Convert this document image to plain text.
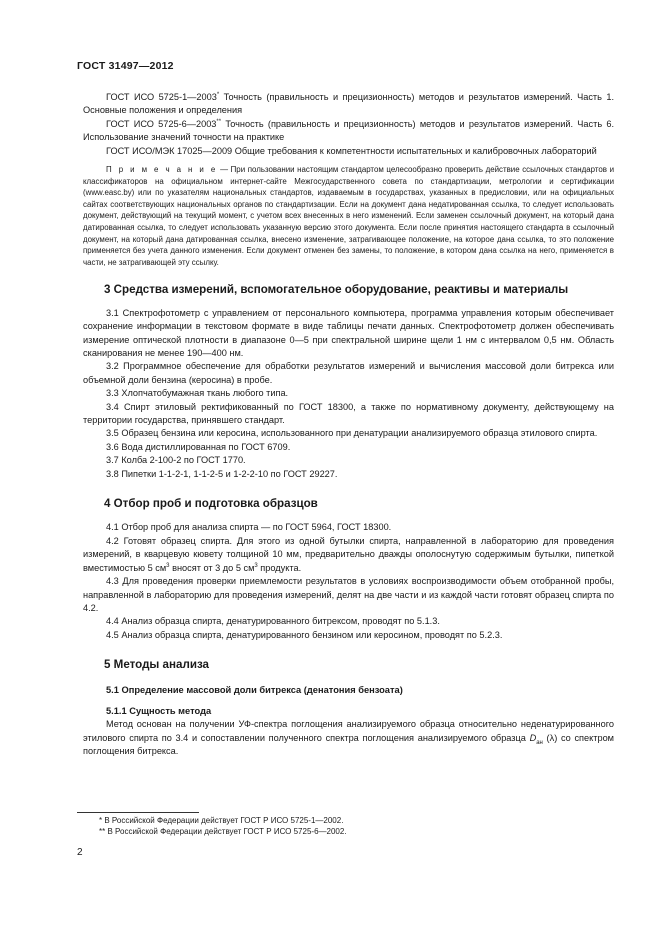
ГОСТ 31497—2012

ГОСТ ИСО 5725-1—2003* Точность (правильность и прецизионность) методов и результатов измерений. Часть 1. Основные положения и определения

ГОСТ ИСО 5725-6—2003** Точность (правильность и прецизионность) методов и результатов измерений. Часть 6. Использование значений точности на практике

ГОСТ ИСО/МЭК 17025—2009 Общие требования к компетентности испытательных и калибровочных лабораторий

П р и м е ч а н и е — При пользовании настоящим стандартом целесообразно проверить действие ссылочных стандартов и классификаторов на официальном интернет-сайте Межгосударственного совета по стандартизации, метрологии и сертификации (www.easc.by) или по указателям национальных стандартов, издаваемым в государствах, указанных в предисловии, или на официальных сайтах соответствующих национальных органов по стандартизации. Если на документ дана недатированная ссылка, то следует использовать документ, действующий на текущий момент, с учетом всех внесенных в него изменений. Если заменен ссылочный документ, на который дана датированная ссылка, то следует использовать указанную версию этого документа. Если после принятия настоящего стандарта в ссылочный документ, на который дана датированная ссылка, внесено изменение, затрагивающее положение, на которое дана ссылка, то это положение применяется без учета данного изменения. Если документ отменен без замены, то положение, в котором дана ссылка на него, применяется в части, не затрагивающей эту ссылку.

3 Средства измерений, вспомогательное оборудование, реактивы и материалы

3.1 Спектрофотометр с управлением от персонального компьютера, программа управления которым обеспечивает сохранение информации в текстовом формате в виде таблицы печати данных. Спектрофотометр должен обеспечивать измерение оптической плотности в диапазоне 0—5 при спектральной ширине щели 1 нм с интервалом 0,5 нм. Область сканирования не менее 190—400 нм.

3.2 Программное обеспечение для обработки результатов измерений и вычисления массовой доли битрекса или объемной доли бензина (керосина) в пробе.

3.3 Хлопчатобумажная ткань любого типа.

3.4 Спирт этиловый ректификованный по ГОСТ 18300, а также по нормативному документу, действующему на территории государства, принявшего стандарт.

3.5 Образец бензина или керосина, использованного при денатурации анализируемого образца этилового спирта.

3.6 Вода дистиллированная по ГОСТ 6709.

3.7 Колба 2-100-2 по ГОСТ 1770.

3.8 Пипетки 1-1-2-1, 1-1-2-5 и 1-2-2-10 по ГОСТ 29227.

4 Отбор проб и подготовка образцов

4.1 Отбор проб для анализа спирта — по ГОСТ 5964, ГОСТ 18300.

4.2 Готовят образец спирта. Для этого из одной бутылки спирта, направленной в лабораторию для проведения измерений, в кварцевую кювету толщиной 10 мм, предварительно дважды ополоснутую содержимым бутылки, пипеткой вместимостью 5 $см^3$ вносят от 3 до 5 $см^3$ продукта.

4.3 Для проведения проверки приемлемости результатов в условиях воспроизводимости объем отобранной пробы, направленной в лабораторию для проведения измерений, делят на две части и из каждой части готовят образец спирта по 4.2.

4.4 Анализ образца спирта, денатурированного битрексом, проводят по 5.1.3.

4.5 Анализ образца спирта, денатурированного бензином или керосином, проводят по 5.2.3.

5 Методы анализа
5.1 Определение массовой доли битрекса (денатония бензоата)
5.1.1 Сущность метода

Метод основан на получении УФ-спектра поглощения анализируемого образца относительно неденатурированного этилового спирта по 3.4 и сопоставлении полученного спектра поглощения анализируемого образца $D_{ан}$ (λ) со спектром поглощения битрекса.

* В Российской Федерации действует ГОСТ Р ИСО 5725-1—2002.
** В Российской Федерации действует ГОСТ Р ИСО 5725-6—2002.
2
